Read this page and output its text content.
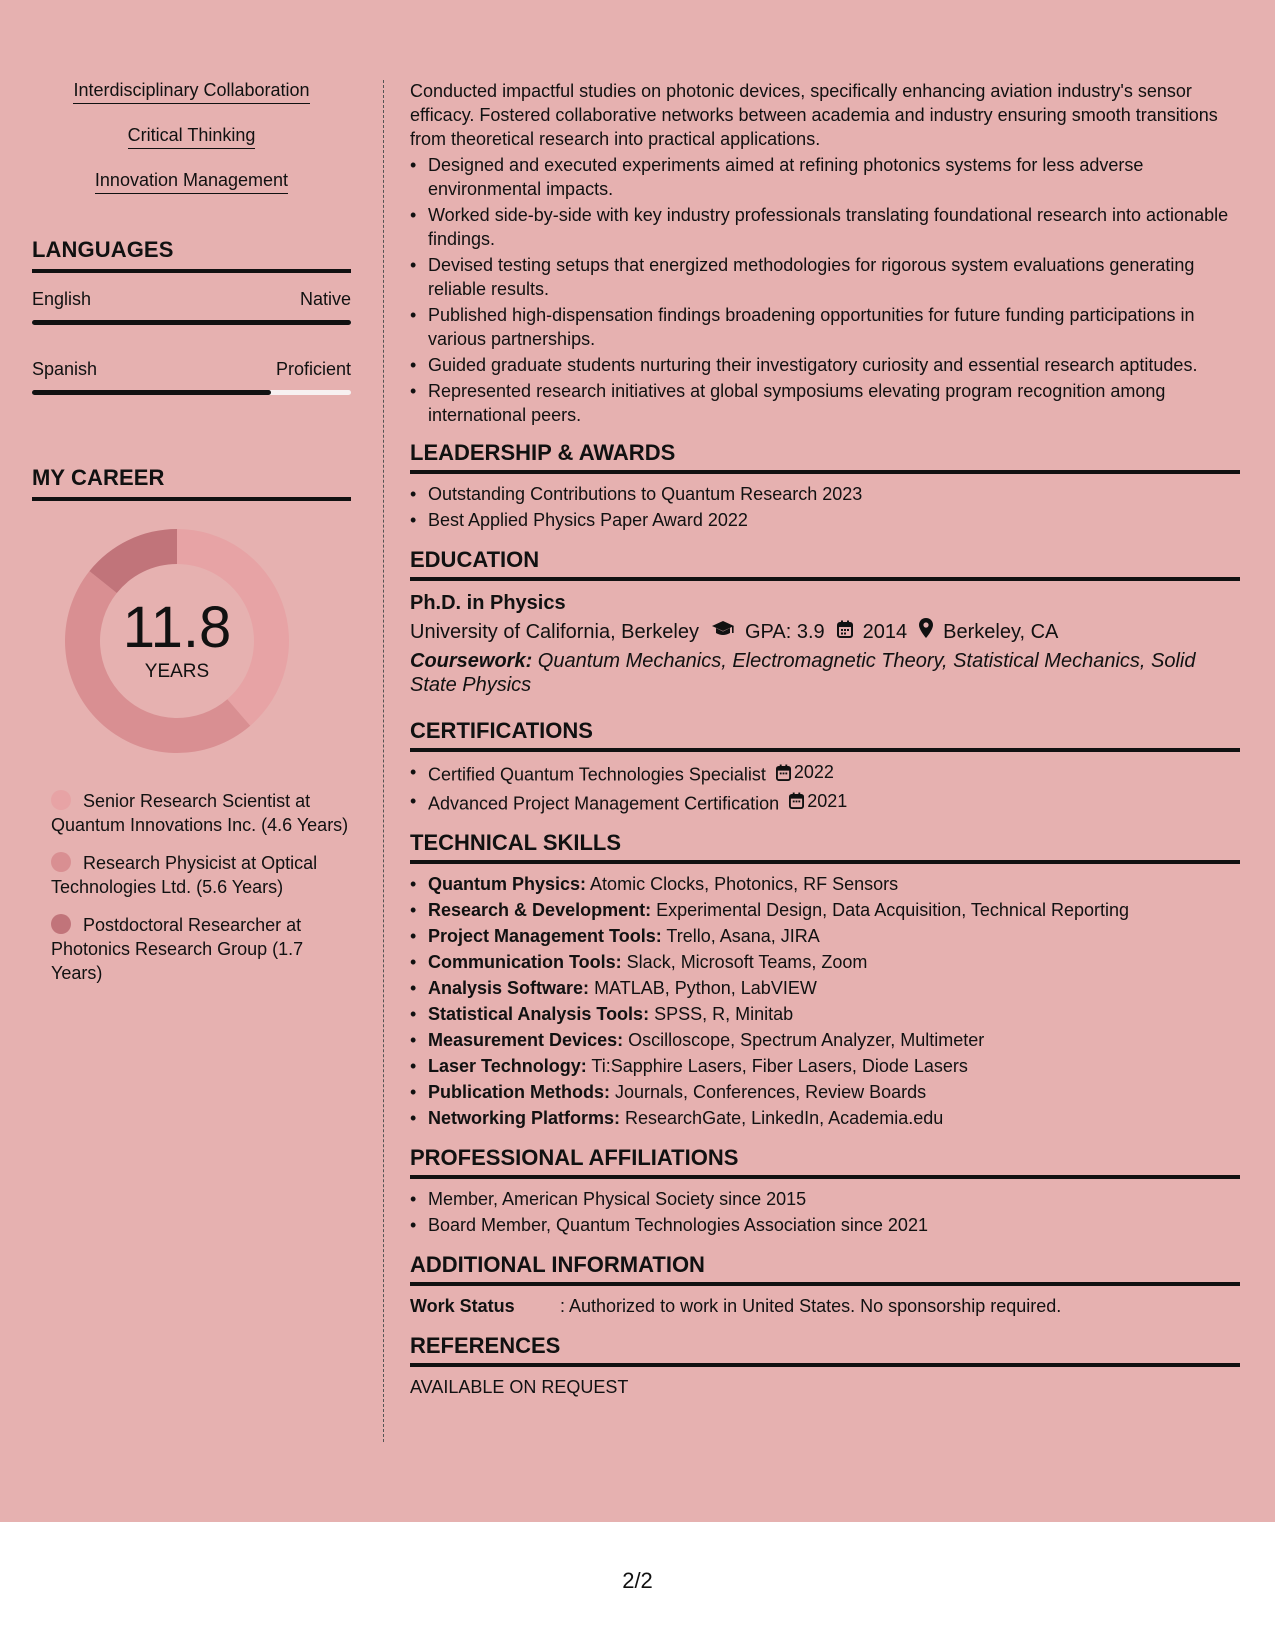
Interdisciplinary Collaboration
Critical Thinking
Innovation Management
LANGUAGES
English	Native
Spanish	Proficient
MY CAREER
11.8
YEARS
Senior Research Scientist at Quantum Innovations Inc. (4.6 Years)
Research Physicist at Optical Technologies Ltd. (5.6 Years)
Postdoctoral Researcher at Photonics Research Group (1.7 Years)
Conducted impactful studies on photonic devices, specifically enhancing aviation industry's sensor efficacy. Fostered collaborative networks between academia and industry ensuring smooth transitions from theoretical research into practical applications.
• Designed and executed experiments aimed at refining photonics systems for less adverse environmental impacts.
• Worked side-by-side with key industry professionals translating foundational research into actionable findings.
• Devised testing setups that energized methodologies for rigorous system evaluations generating reliable results.
• Published high-dispensation findings broadening opportunities for future funding participations in various partnerships.
• Guided graduate students nurturing their investigatory curiosity and essential research aptitudes.
• Represented research initiatives at global symposiums elevating program recognition among international peers.
LEADERSHIP & AWARDS
• Outstanding Contributions to Quantum Research 2023
• Best Applied Physics Paper Award 2022
EDUCATION
Ph.D. in Physics
University of California, Berkeley GPA: 3.9 2014 Berkeley, CA
Coursework: Quantum Mechanics, Electromagnetic Theory, Statistical Mechanics, Solid State Physics
CERTIFICATIONS
• Certified Quantum Technologies Specialist 2022
• Advanced Project Management Certification 2021
TECHNICAL SKILLS
• Quantum Physics: Atomic Clocks, Photonics, RF Sensors
• Research & Development: Experimental Design, Data Acquisition, Technical Reporting
• Project Management Tools: Trello, Asana, JIRA
• Communication Tools: Slack, Microsoft Teams, Zoom
• Analysis Software: MATLAB, Python, LabVIEW
• Statistical Analysis Tools: SPSS, R, Minitab
• Measurement Devices: Oscilloscope, Spectrum Analyzer, Multimeter
• Laser Technology: Ti:Sapphire Lasers, Fiber Lasers, Diode Lasers
• Publication Methods: Journals, Conferences, Review Boards
• Networking Platforms: ResearchGate, LinkedIn, Academia.edu
PROFESSIONAL AFFILIATIONS
• Member, American Physical Society since 2015
• Board Member, Quantum Technologies Association since 2021
ADDITIONAL INFORMATION
Work Status	: Authorized to work in United States. No sponsorship required.
REFERENCES
AVAILABLE ON REQUEST
2/2
